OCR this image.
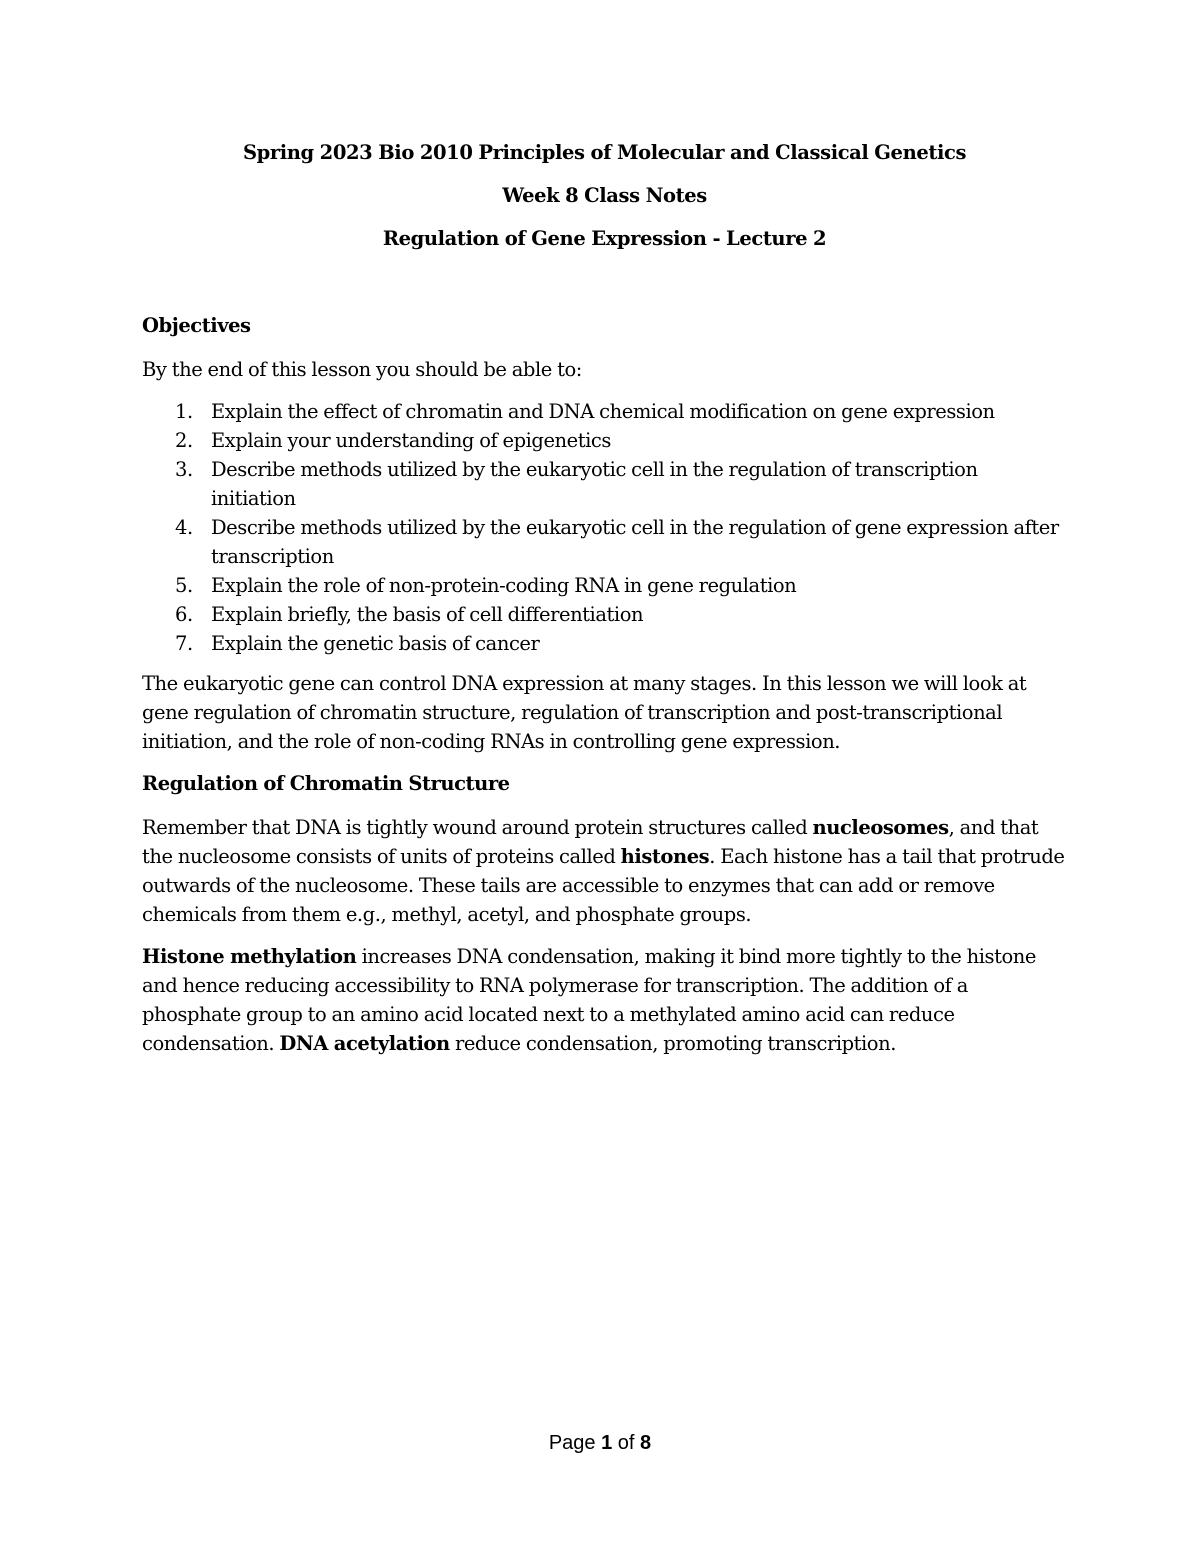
Spring 2023 Bio 2010 Principles of Molecular and Classical Genetics
Week 8 Class Notes
Regulation of Gene Expression - Lecture 2
Objectives

By the end of this lesson you should be able to:

1. Explain the effect of chromatin and DNA chemical modification on gene expression
2. Explain your understanding of epigenetics
3. Describe methods utilized by the eukaryotic cell in the regulation of transcription initiation
4. Describe methods utilized by the eukaryotic cell in the regulation of gene expression after transcription
5. Explain the role of non-protein-coding RNA in gene regulation
6. Explain briefly, the basis of cell differentiation
7. Explain the genetic basis of cancer

The eukaryotic gene can control DNA expression at many stages. In this lesson we will look at gene regulation of chromatin structure, regulation of transcription and post-transcriptional initiation, and the role of non-coding RNAs in controlling gene expression.

Regulation of Chromatin Structure

Remember that DNA is tightly wound around protein structures called nucleosomes, and that the nucleosome consists of units of proteins called histones. Each histone has a tail that protrude outwards of the nucleosome. These tails are accessible to enzymes that can add or remove chemicals from them e.g., methyl, acetyl, and phosphate groups.

Histone methylation increases DNA condensation, making it bind more tightly to the histone and hence reducing accessibility to RNA polymerase for transcription. The addition of a phosphate group to an amino acid located next to a methylated amino acid can reduce condensation. DNA acetylation reduce condensation, promoting transcription.

Page 1 of 8
